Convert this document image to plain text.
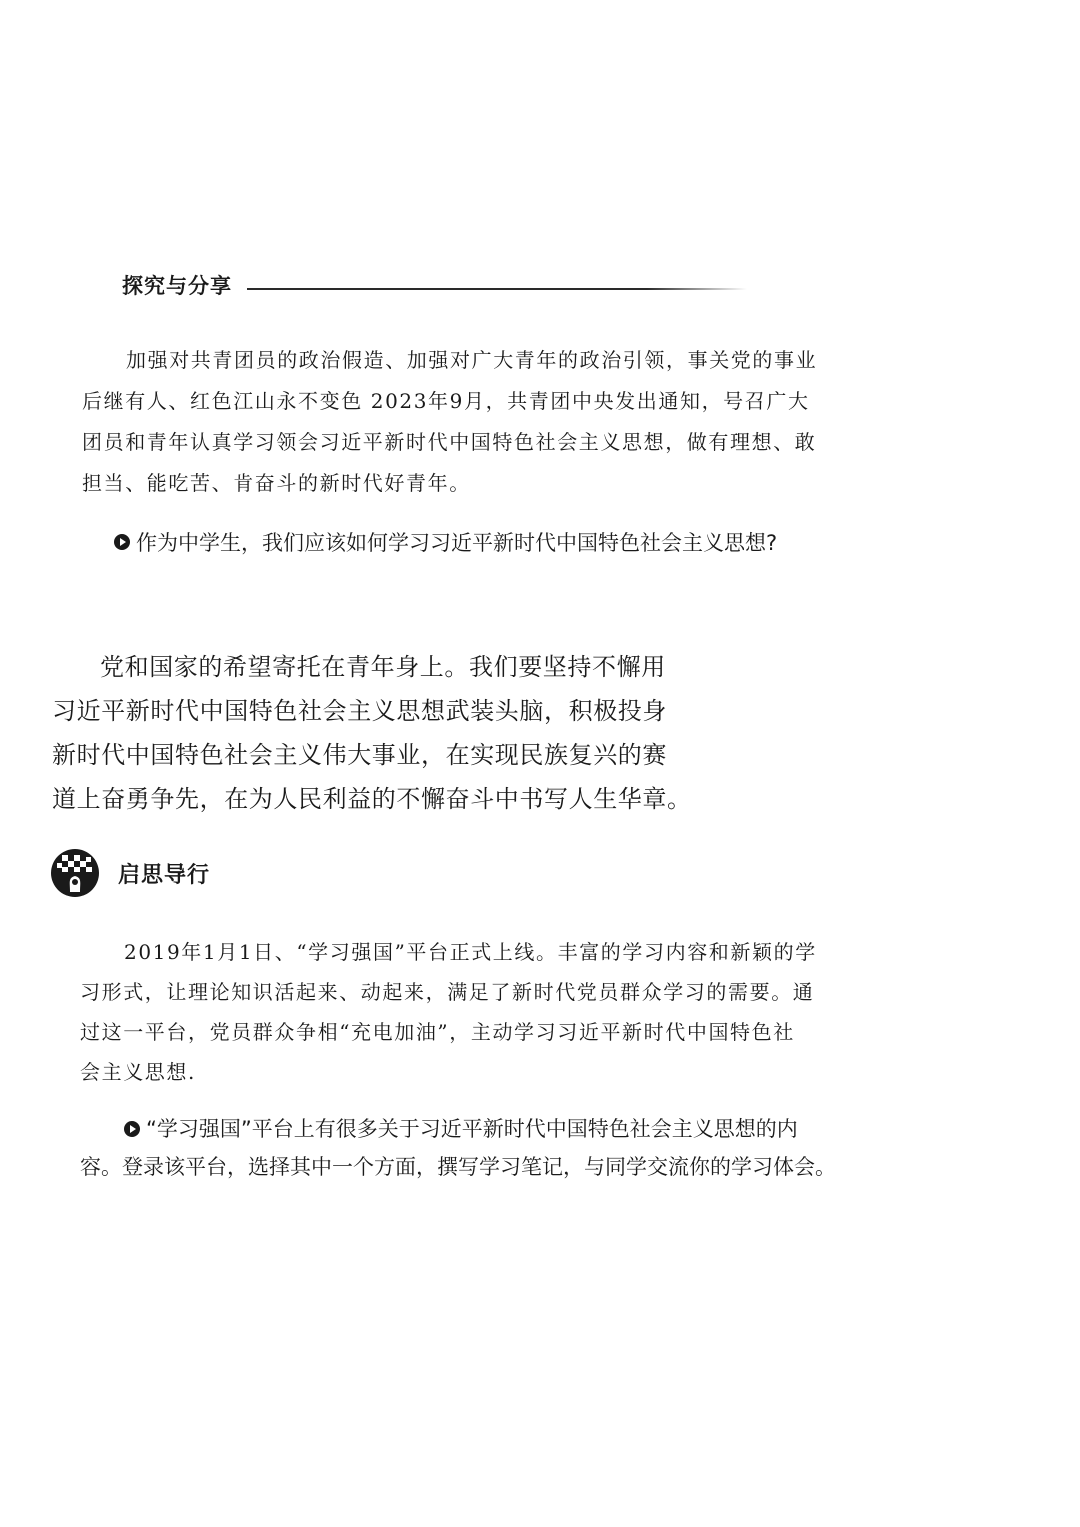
探究与分享
加强对共青团员的政治假造、加强对广大青年的政治引领，事关党的事业
后继有人、红色江山永不变色 2023年9月，共青团中央发出通知，号召广大
团员和青年认真学习领会习近平新时代中国特色社会主义思想，做有理想、敢
担当、能吃苦、肯奋斗的新时代好青年。
作为中学生，我们应该如何学习习近平新时代中国特色社会主义思想?
党和国家的希望寄托在青年身上。我们要坚持不懈用
习近平新时代中国特色社会主义思想武装头脑，积极投身
新时代中国特色社会主义伟大事业，在实现民族复兴的赛
道上奋勇争先，在为人民利益的不懈奋斗中书写人生华章。
启思导行
2019年1月1日、“学习强国”平台正式上线。丰富的学习内容和新颖的学
习形式，让理论知识活起来、动起来，满足了新时代党员群众学习的需要。通
过这一平台，党员群众争相“充电加油”，主动学习习近平新时代中国特色社
会主义思想.
“学习强国”平台上有很多关于习近平新时代中国特色社会主义思想的内
容。登录该平台，选择其中一个方面，撰写学习笔记，与同学交流你的学习体会。
